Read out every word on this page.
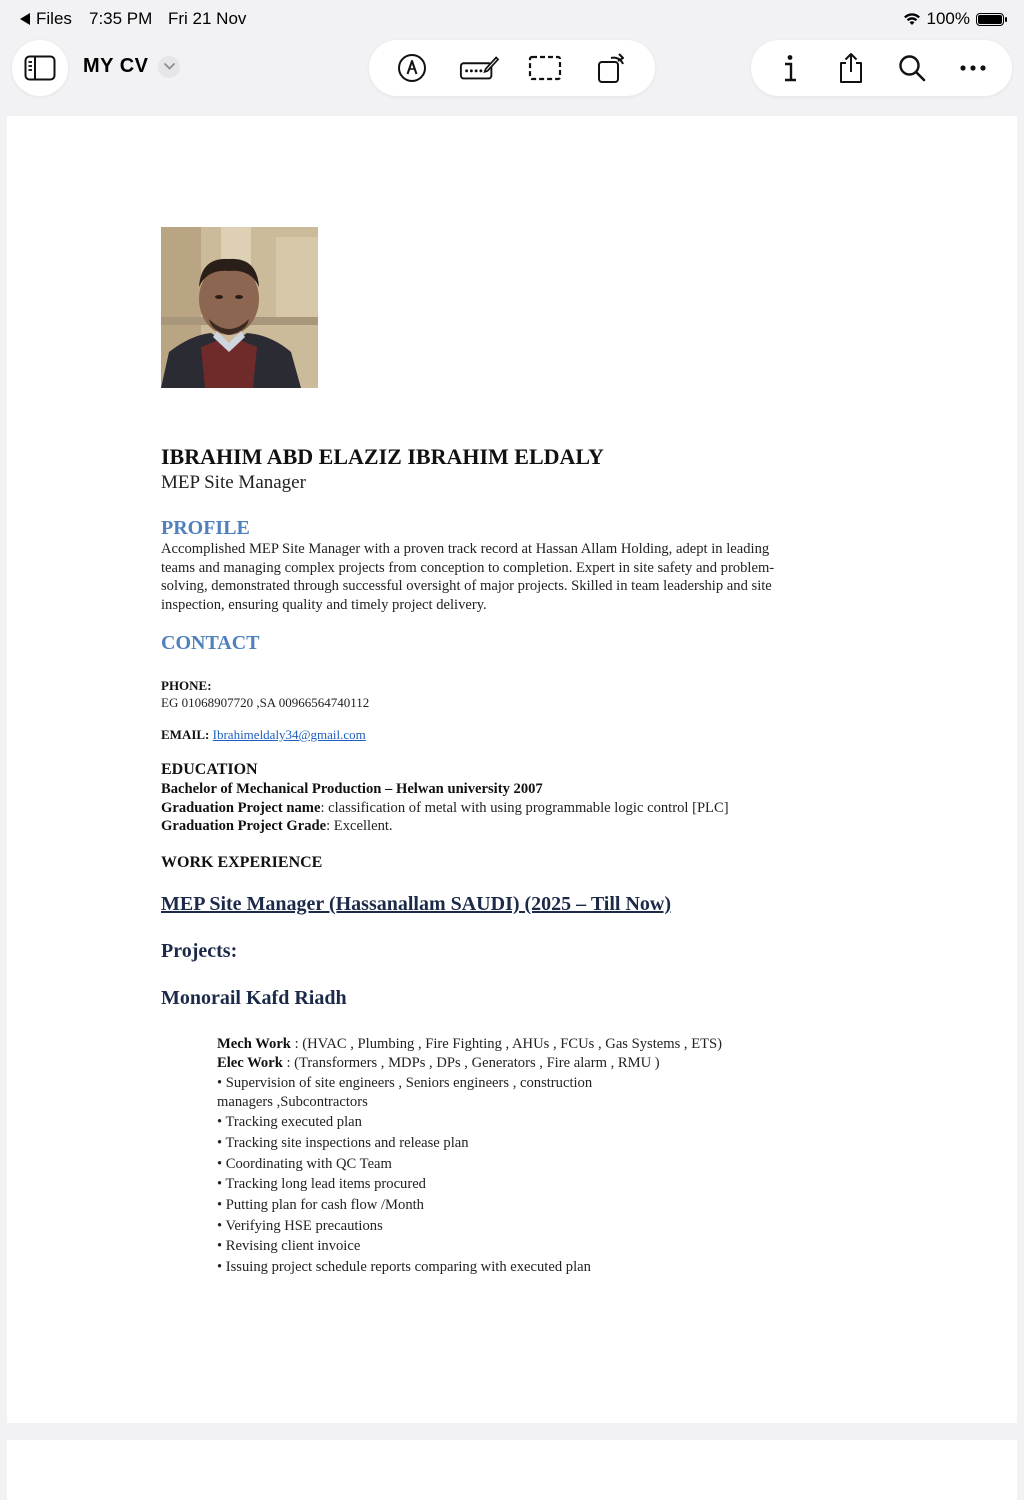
Files 7:35 PM Fri 21 Nov	100%
MY CV
IBRAHIM ABD ELAZIZ IBRAHIM ELDALY
MEP Site Manager
PROFILE
Accomplished MEP Site Manager with a proven track record at Hassan Allam Holding, adept in leading
teams and managing complex projects from conception to completion. Expert in site safety and problem-
solving, demonstrated through successful oversight of major projects. Skilled in team leadership and site
inspection, ensuring quality and timely project delivery.
CONTACT
PHONE:
EG 01068907720 ,SA 00966564740112
EMAIL: Ibrahimeldaly34@gmail.com
EDUCATION
Bachelor of Mechanical Production – Helwan university 2007
Graduation Project name: classification of metal with using programmable logic control [PLC]
Graduation Project Grade: Excellent.
WORK EXPERIENCE
MEP Site Manager (Hassanallam SAUDI) (2025 – Till Now)
Projects:
Monorail Kafd Riadh
Mech Work : (HVAC , Plumbing , Fire Fighting , AHUs , FCUs , Gas Systems , ETS)
Elec Work : (Transformers , MDPs , DPs , Generators , Fire alarm , RMU )
• Supervision of site engineers , Seniors engineers , construction managers ,Subcontractors
• Tracking executed plan
• Tracking site inspections and release plan
• Coordinating with QC Team
• Tracking long lead items procured
• Putting plan for cash flow /Month
• Verifying HSE precautions
• Revising client invoice
• Issuing project schedule reports comparing with executed plan
